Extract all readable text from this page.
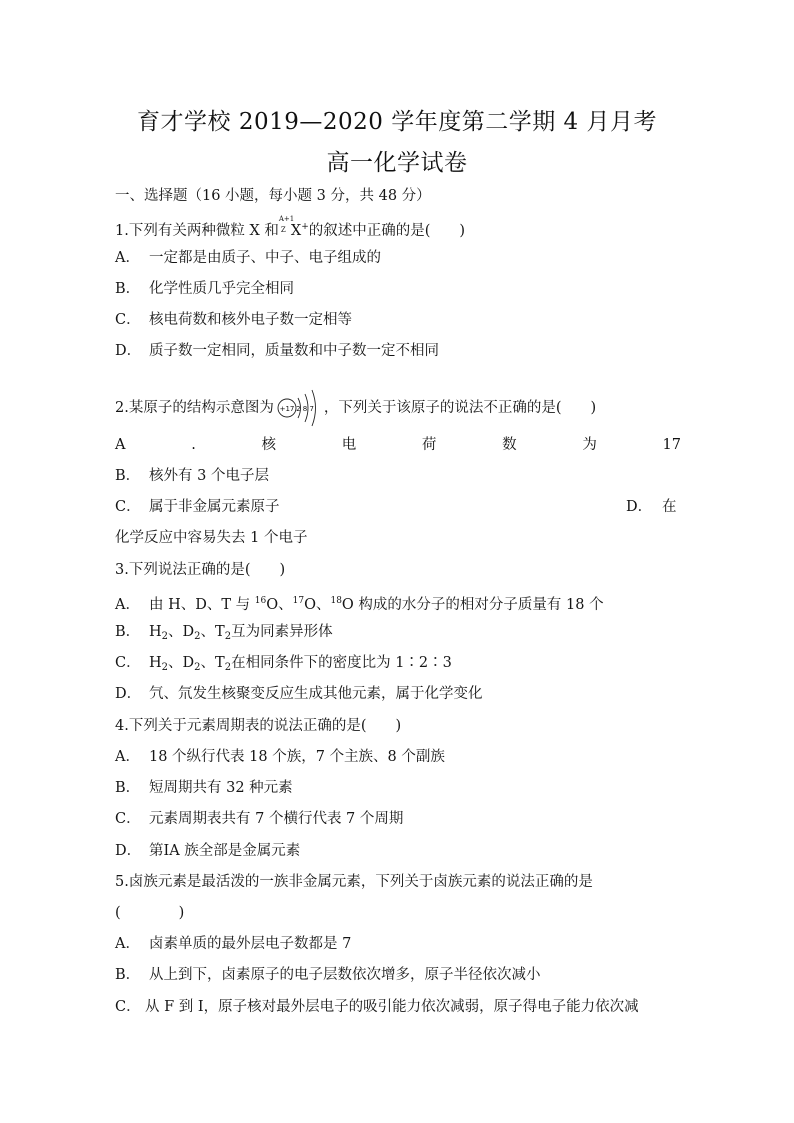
育才学校 2019—2020 学年度第二学期 4 月月考
高一化学试卷
一、选择题（16 小题，每小题 3 分，共 48 分）
1.下列有关两种微粒 X 和
A+1
Z X+的叙述中正确的是(　　)
A． 一定都是由质子、中子、电子组成的
B． 化学性质几乎完全相同
C． 核电荷数和核外电子数一定相等
D． 质子数一定相同，质量数和中子数一定不相同
2.某原子的结构示意图为 +17 2 8 7 ，下列关于该原子的说法不正确的是(　　)
A	.	核	电	荷	数	为	17
B． 核外有 3 个电子层
C． 属于非金属元素原子	D． 在
化学反应中容易失去 1 个电子
3.下列说法正确的是(　　)
A． 由 H、D、T 与 $^{16}$O、$^{17}$O、$^{18}$O 构成的水分子的相对分子质量有 18 个
B． $H_2$、$D_2$、$T_2$互为同素异形体
C． $H_2$、$D_2$、$T_2$在相同条件下的密度比为 1∶2∶3
D． 氕、氘发生核聚变反应生成其他元素，属于化学变化
4.下列关于元素周期表的说法正确的是(　　)
A． 18 个纵行代表 18 个族，7 个主族、8 个副族
B． 短周期共有 32 种元素
C． 元素周期表共有 7 个横行代表 7 个周期
D． 第ⅠA 族全部是金属元素
5.卤族元素是最活泼的一族非金属元素，下列关于卤族元素的说法正确的是
(　　　　)
A． 卤素单质的最外层电子数都是 7
B． 从上到下，卤素原子的电子层数依次增多，原子半径依次减小
C． 从 F 到 I，原子核对最外层电子的吸引能力依次减弱，原子得电子能力依次减
